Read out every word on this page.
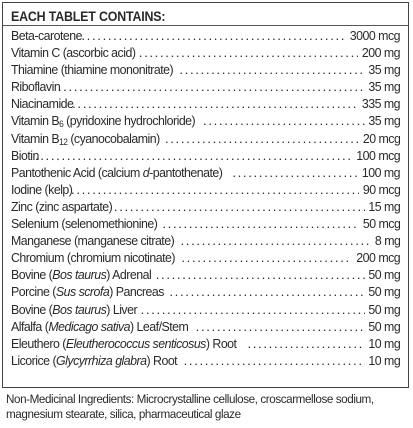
EACH TABLET CONTAINS:
Beta-carotene .....	3000 mcg
Vitamin C (ascorbic acid) .....	200 mg
Thiamine (thiamine mononitrate) .....	35 mg
Riboflavin .....	35 mg
Niacinamide .....	335 mg
Vitamin $B_6$ (pyridoxine hydrochloride) .....	35 mg
Vitamin $B_{12}$ (cyanocobalamin) .....	20 mcg
Biotin .....	100 mcg
Pantothenic Acid (calcium d-pantothenate) .....	100 mg
Iodine (kelp) .....	90 mcg
Zinc (zinc aspartate) .....	15 mg
Selenium (selenomethionine) .....	50 mcg
Manganese (manganese citrate) .....	8 mg
Chromium (chromium nicotinate) .....	200 mcg
Bovine (Bos taurus) Adrenal .....	50 mg
Porcine (Sus scrofa) Pancreas .....	50 mg
Bovine (Bos taurus) Liver .....	50 mg
Alfalfa (Medicago sativa) Leaf/Stem .....	50 mg
Eleuthero (Eleutherococcus senticosus) Root .....	10 mg
Licorice (Glycyrrhiza glabra) Root .....	10 mg
Non-Medicinal Ingredients: Microcrystalline cellulose, croscarmellose sodium,
magnesium stearate, silica, pharmaceutical glaze
